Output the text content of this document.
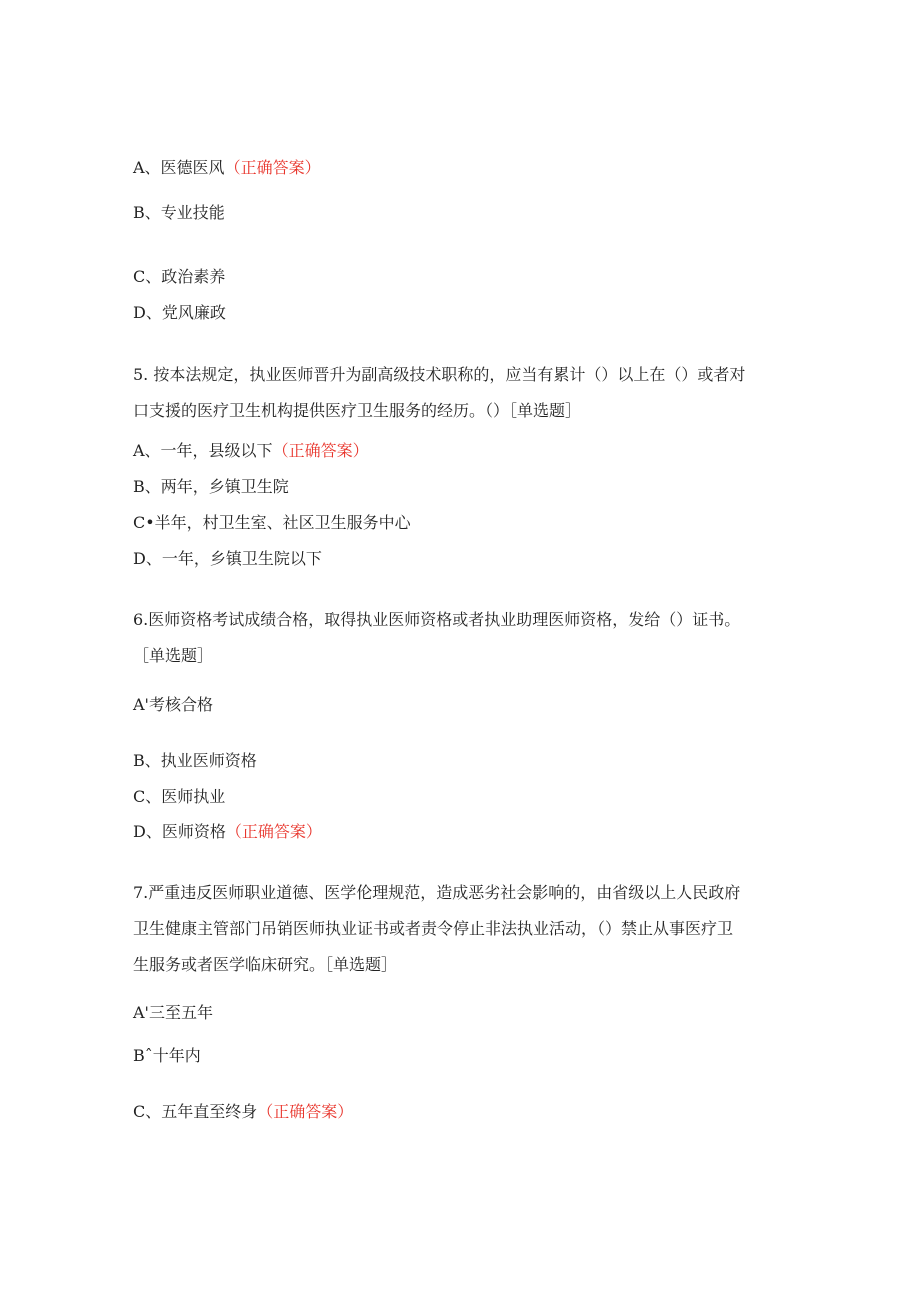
A、医德医风（正确答案）
B、专业技能
C、政治素养
D、党风廉政
5. 按本法规定，执业医师晋升为副高级技术职称的，应当有累计（）以上在（）或者对
口支援的医疗卫生机构提供医疗卫生服务的经历。（）［单选题］
A、一年，县级以下（正确答案）
B、两年，乡镇卫生院
C•半年，村卫生室、社区卫生服务中心
D、一年，乡镇卫生院以下
6.医师资格考试成绩合格，取得执业医师资格或者执业助理医师资格，发给（）证书。
［单选题］
A'考核合格
B、执业医师资格
C、医师执业
D、医师资格（正确答案）
7.严重违反医师职业道德、医学伦理规范，造成恶劣社会影响的，由省级以上人民政府
卫生健康主管部门吊销医师执业证书或者责令停止非法执业活动，（）禁止从事医疗卫
生服务或者医学临床研究。［单选题］
A'三至五年
Bˆ十年内
C、五年直至终身（正确答案）
